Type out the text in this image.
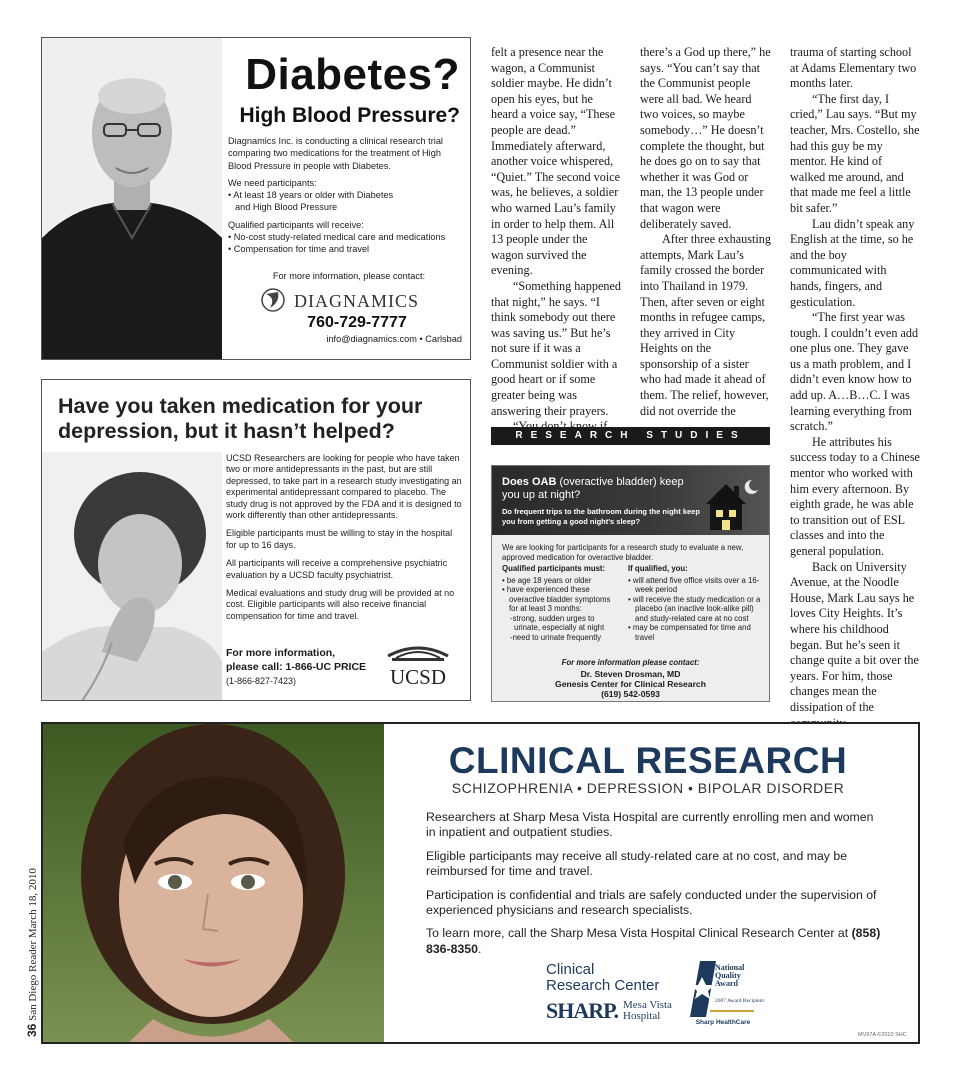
Diabetes?
High Blood Pressure?

Diagnamics Inc. is conducting a clinical research trial comparing two medications for the treatment of High Blood Pressure in people with Diabetes.

We need participants:

• At least 18 years or older with Diabetes

and High Blood Pressure

Qualified participants will receive:

• No-cost study-related medical care and medications
• Compensation for time and travel
For more information, please contact:
DIAGNAMICS
760-729-7777
info@diagnamics.com • Carlsbad
Have you taken medication for your depression, but it hasn’t helped?

UCSD Researchers are looking for people who have taken two or more antidepressants in the past, but are still depressed, to take part in a research study investigating an experimental antidepressant compared to placebo. The study drug is not approved by the FDA and it is designed to work differently than other antidepressants.

Eligible participants must be willing to stay in the hospital for up to 16 days.

All participants will receive a comprehensive psychiatric evaluation by a UCSD faculty psychiatrist.

Medical evaluations and study drug will be provided at no cost. Eligible participants will also receive financial compensation for time and travel.

For more information,
please call: 1-866-UC PRICE
(1-866-827-7423)	UCSD

felt a presence near the wagon, a Communist soldier maybe. He didn’t open his eyes, but he heard a voice say, “These people are dead.” Immediately afterward, another voice whispered, “Quiet.” The second voice was, he believes, a soldier who warned Lau’s family in order to help them. All 13 people under the wagon survived the evening.

“Something happened that night,” he says. “I think somebody out there was saving us.” But he’s not sure if it was a Communist soldier with a good heart or if some greater being was answering their prayers.

there’s a God up there,” he says. “You can’t say that the Communist people were all bad. We heard two voices, so maybe somebody…” He doesn’t complete the thought, but he does go on to say that whether it was God or man, the 13 people under that wagon were deliberately saved.

After three exhausting attempts, Mark Lau’s family crossed the border into Thailand in 1979. Then, after seven or eight months in refugee camps, they arrived in City Heights on the sponsorship of a sister who had made it ahead of them. The relief, however, did not override the

trauma of starting school at Adams Elementary two months later.

“The first day, I cried,” Lau says. “But my teacher, Mrs. Costello, she had this guy be my mentor. He kind of walked me around, and that made me feel a little bit safer.”

Lau didn’t speak any English at the time, so he and the boy communicated with hands, fingers, and gesticulation.

“The first year was tough. I couldn’t even add one plus one. They gave us a math problem, and I didn’t even know how to add up. A…B…C. I was learning everything from scratch.”

He attributes his success today to a Chinese mentor who worked with him every afternoon. By eighth grade, he was able to transition out of ESL classes and into the general population.

Back on University Avenue, at the Noodle House, Mark Lau says he loves City Heights. It’s where his childhood began. But he’s seen it change quite a bit over the years. For him, those changes mean the dissipation of the

RESEARCH STUDIES
Does OAB (overactive bladder) keep you up at night?
Do frequent trips to the bathroom during the night keep you from getting a good night’s sleep?
We are looking for participants for a research study to evaluate a new, approved medication for overactive bladder.
Qualified participants must:
• be age 18 years or older
• have experienced these overactive bladder symptoms for at least 3 months:
-strong, sudden urges to urinate, especially at night
-need to urinate frequently
If qualified, you:
• will attend five office visits over a 16-week period
• will receive the study medication or a placebo (an inactive look-alike pill) and study-related care at no cost
• may be compensated for time and travel
For more information please contact:
Dr. Steven Drosman, MD
Genesis Center for Clinical Research
(619) 542-0593
CLINICAL RESEARCH
SCHIZOPHRENIA • DEPRESSION • BIPOLAR DISORDER

Researchers at Sharp Mesa Vista Hospital are currently enrolling men and women in inpatient and outpatient studies.

Eligible participants may receive all study-related care at no cost, and may be reimbursed for time and travel.

Participation is confidential and trials are safely conducted under the supervision of experienced physicians and research specialists.

To learn more, call the Sharp Mesa Vista Hospital Clinical Research Center at (858) 836-8350.

Clinical
Research Center
SHARP. Mesa Vista
Hospital
National
Quality
Award
2007 Award Recipient
Sharp HealthCare
MV97A ©2010 SHC
36 San Diego Reader March 18, 2010
